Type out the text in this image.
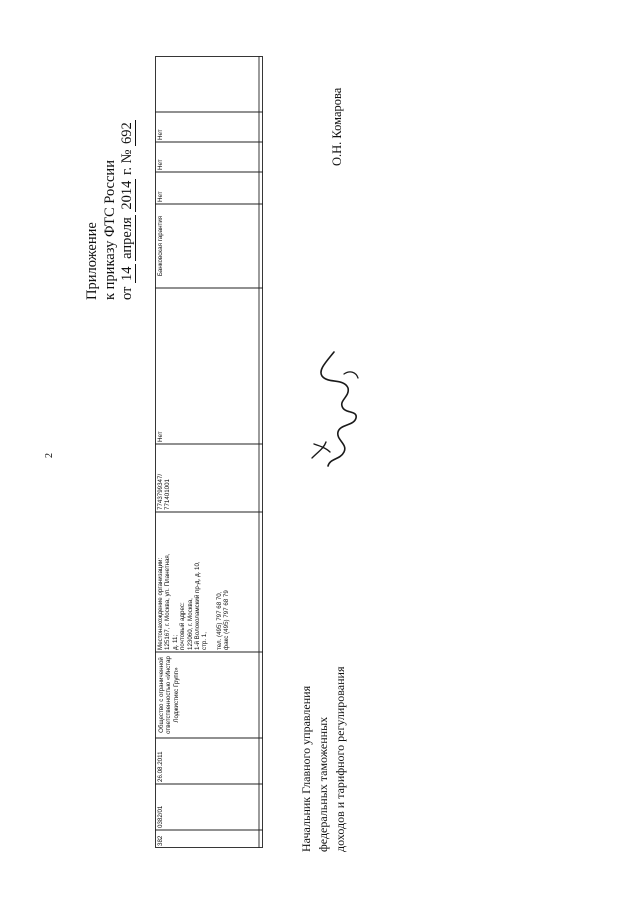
2
Приложение к приказу ФТС России от 14 апреля 2014 г. № 692
382
0382/01
26.08.2011
Общество с ограниченной ответственностью «Инстар Лоджистикс Групп»
Местонахождение организации: 125167, г. Москва, ул. Планетная, д. 11; почтовый адрес: 123060, г. Москва, 1-й Волоколамский пр-д, д. 10, стр. 1, тел. (495) 797 68 70, факс (495) 797 68 79
7743799347/ 771401001
Нет
Банковская гарантия
Нет
Нет
Нет	О.Н. Комарова
Начальник Главного управления федеральных таможенных доходов и тарифного регулирования
